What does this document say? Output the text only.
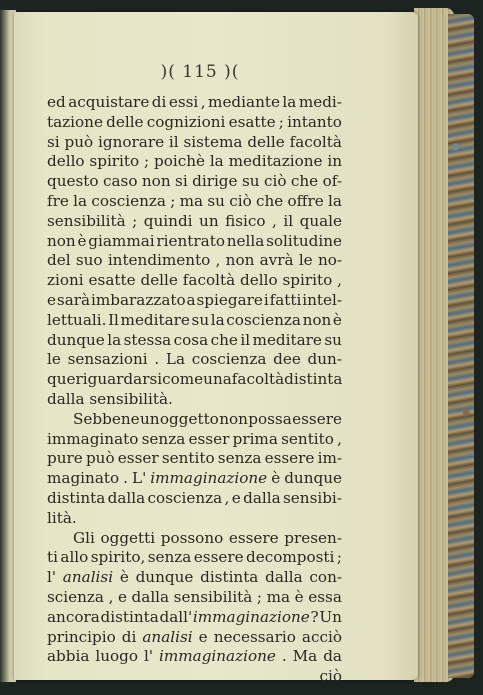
)( 115 )(
ed acquistare di essi , mediante la medi-
tazione delle cognizioni esatte ; intanto
si può ignorare il sistema delle facoltà
dello spirito ; poichè la meditazione in
questo caso non si dirige su ciò che of-
fre la coscienza ; ma su ciò che offre la
sensibilità ; quindi un fisico , il quale
non è giammai rientrato nella solitudine
del suo intendimento , non avrà le no-
zioni esatte delle facoltà dello spirito ,
e sarà imbarazzato a spiegare i fatti intel-
lettuali. Il meditare su la coscienza non è
dunque la stessa cosa che il meditare su
le sensazioni . La coscienza dee dun-
que riguardarsi come una facoltà distinta
dalla sensibilità.
Sebbene un oggetto non possa essere
immaginato senza esser prima sentito ,
pure può esser sentito senza essere im-
maginato . L' immaginazione è dunque
distinta dalla coscienza , e dalla sensibi-
lità.
Gli oggetti possono essere presen-
ti allo spirito, senza essere decomposti ;
l' analisi è dunque distinta dalla con-
scienza , e dalla sensibilità ; ma è essa
ancora distinta dall' immaginazione ? Un
principio di analisi e necessario acciò
abbia luogo l' immaginazione . Ma da
ciò
